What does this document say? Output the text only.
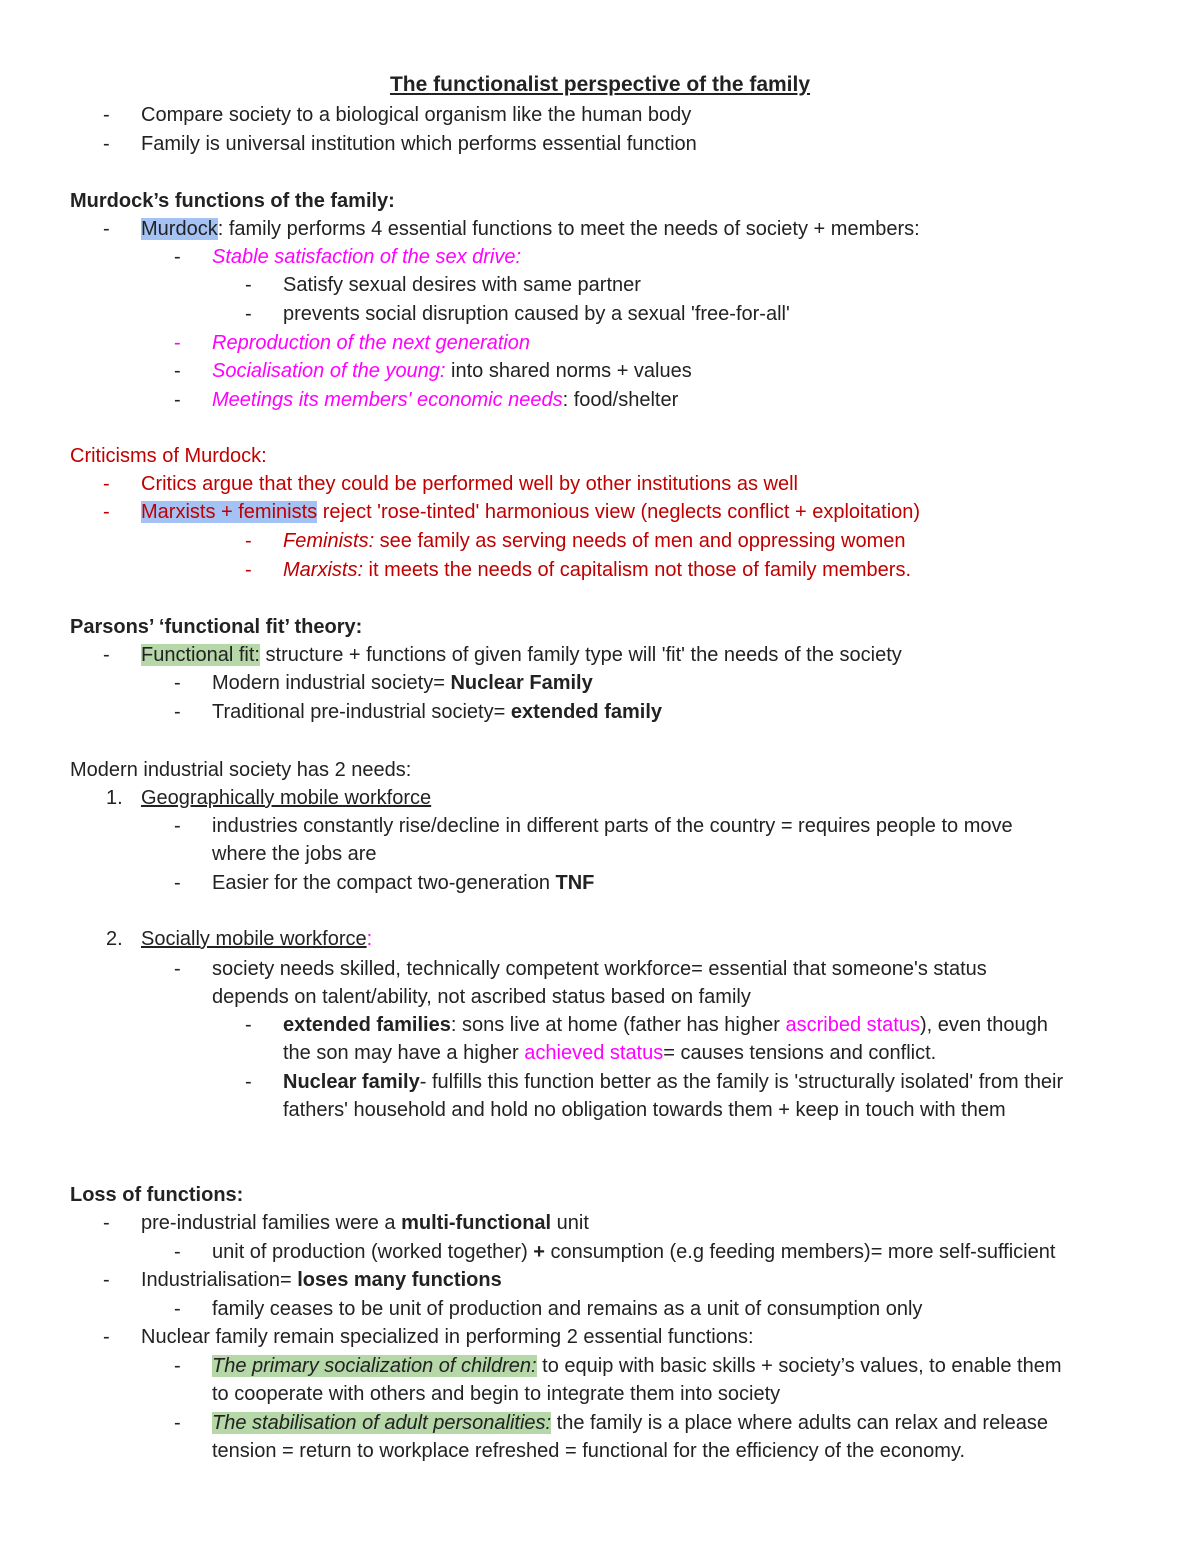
The functionalist perspective of the family
- Compare society to a biological organism like the human body
- Family is universal institution which performs essential function
Murdock’s functions of the family:
- Murdock: family performs 4 essential functions to meet the needs of society + members:
- Stable satisfaction of the sex drive:
- Satisfy sexual desires with same partner
- prevents social disruption caused by a sexual 'free-for-all'
- Reproduction of the next generation
- Socialisation of the young: into shared norms + values
- Meetings its members' economic needs: food/shelter
Criticisms of Murdock:
- Critics argue that they could be performed well by other institutions as well
- Marxists + feminists reject 'rose-tinted' harmonious view (neglects conflict + exploitation)
- Feminists: see family as serving needs of men and oppressing women
- Marxists: it meets the needs of capitalism not those of family members.
Parsons’ ‘functional fit’ theory:
- Functional fit: structure + functions of given family type will 'fit' the needs of the society
- Modern industrial society= Nuclear Family
- Traditional pre-industrial society= extended family
Modern industrial society has 2 needs:
1. Geographically mobile workforce
- industries constantly rise/decline in different parts of the country = requires people to move
where the jobs are
- Easier for the compact two-generation TNF
2. Socially mobile workforce:
- society needs skilled, technically competent workforce= essential that someone's status
depends on talent/ability, not ascribed status based on family
- extended families: sons live at home (father has higher ascribed status), even though
the son may have a higher achieved status= causes tensions and conflict.
- Nuclear family- fulfills this function better as the family is 'structurally isolated' from their
fathers' household and hold no obligation towards them + keep in touch with them
Loss of functions:
- pre-industrial families were a multi-functional unit
- unit of production (worked together) + consumption (e.g feeding members)= more self-sufficient
- Industrialisation= loses many functions
- family ceases to be unit of production and remains as a unit of consumption only
- Nuclear family remain specialized in performing 2 essential functions:
- The primary socialization of children: to equip with basic skills + society’s values, to enable them
to cooperate with others and begin to integrate them into society
- The stabilisation of adult personalities: the family is a place where adults can relax and release
tension = return to workplace refreshed = functional for the efficiency of the economy.
